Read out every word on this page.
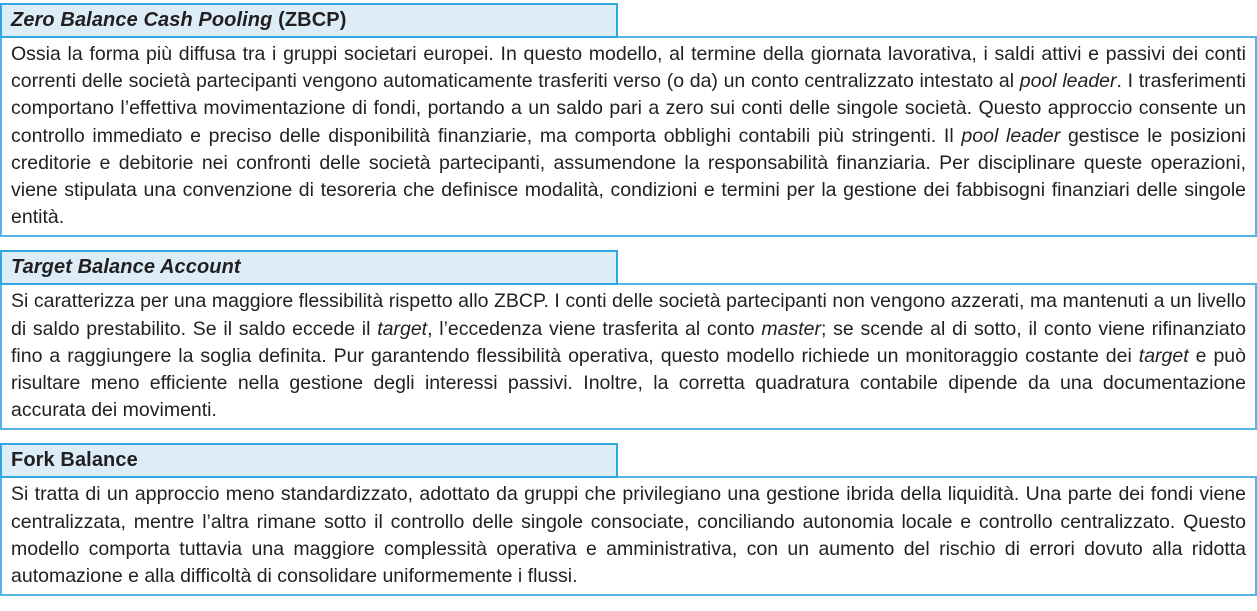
Zero Balance Cash Pooling (ZBCP)
Ossia la forma più diffusa tra i gruppi societari europei. In questo modello, al termine della giornata lavorativa, i saldi attivi e passivi dei conti correnti delle società partecipanti vengono automaticamente trasferiti verso (o da) un conto centralizzato intestato al pool leader. I trasferimenti comportano l’effettiva movimentazione di fondi, portando a un saldo pari a zero sui conti delle singole società. Questo approccio consente un controllo immediato e preciso delle disponibilità finanziarie, ma comporta obblighi contabili più stringenti. Il pool leader gestisce le posizioni creditorie e debitorie nei confronti delle società partecipanti, assumendone la responsabilità finanziaria. Per disciplinare queste operazioni, viene stipulata una convenzione di tesoreria che definisce modalità, condizioni e termini per la gestione dei fabbisogni finanziari delle singole entità.
Target Balance Account
Si caratterizza per una maggiore flessibilità rispetto allo ZBCP. I conti delle società partecipanti non vengono azzerati, ma mantenuti a un livello di saldo prestabilito. Se il saldo eccede il target, l’eccedenza viene trasferita al conto master; se scende al di sotto, il conto viene rifinanziato fino a raggiungere la soglia definita. Pur garantendo flessibilità operativa, questo modello richiede un monitoraggio costante dei target e può risultare meno efficiente nella gestione degli interessi passivi. Inoltre, la corretta quadratura contabile dipende da una documentazione accurata dei movimenti.
Fork Balance
Si tratta di un approccio meno standardizzato, adottato da gruppi che privilegiano una gestione ibrida della liquidità. Una parte dei fondi viene centralizzata, mentre l’altra rimane sotto il controllo delle singole consociate, conciliando autonomia locale e controllo centralizzato. Questo modello comporta tuttavia una maggiore complessità operativa e amministrativa, con un aumento del rischio di errori dovuto alla ridotta automazione e alla difficoltà di consolidare uniformemente i flussi.
